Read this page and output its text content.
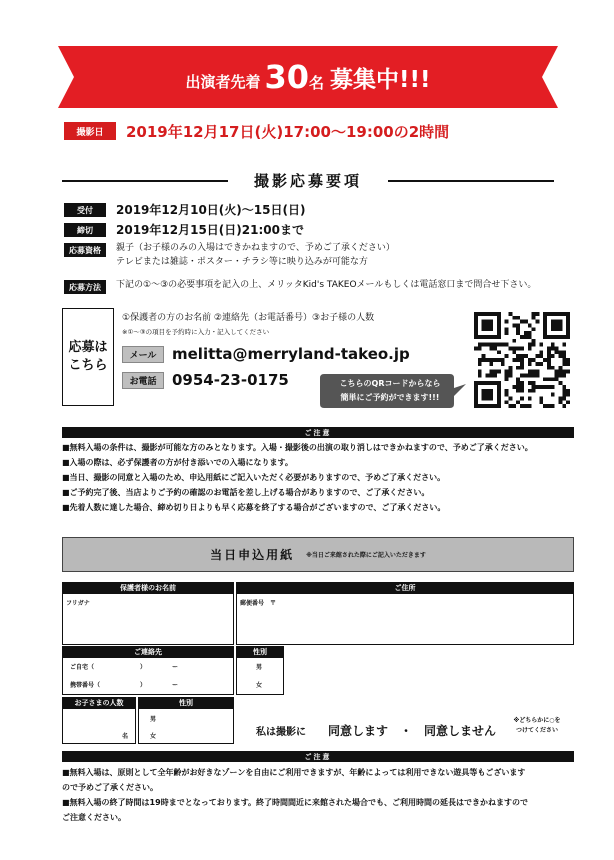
出演者先着 30 名 募集中!!!
撮影日	2019年12月17日(火)17:00〜19:00の2時間
撮影応募要項
受付	2019年12月10日(火)〜15日(日)
締切	2019年12月15日(日)21:00まで
応募資格	親子（お子様のみの入場はできかねますので、予めご了承ください）
テレビまたは雑誌・ポスター・チラシ等に映り込みが可能な方
応募方法	下記の①〜③の必要事項を記入の上、メリッタKid's TAKEOメールもしくは電話窓口まで問合せ下さい。
応募は
こちら
①保護者の方のお名前 ②連絡先（お電話番号）③お子様の人数
※①〜③の項目を予約時に入力・記入してください
メール	melitta@merryland-takeo.jp
お電話	0954-23-0175	こちらのQRコードからなら
簡単にご予約ができます!!!
ご注意
■無料入場の条件は、撮影が可能な方のみとなります。入場・撮影後の出演の取り消しはできかねますので、予めご了承ください。
■入場の際は、必ず保護者の方が付き添いでの入場になります。
■当日、撮影の同意と入場のため、申込用紙にご記入いただく必要がありますので、予めご了承ください。
■ご予約完了後、当店よりご予約の確認のお電話を差し上げる場合がありますので、ご了承ください。
■先着人数に達した場合、締め切り日よりも早く応募を終了する場合がございますので、ご了承ください。
当日申込用紙 ※当日ご来館された際にご記入いただきます
保護者様のお名前
フリガナ
ご住所
郵便番号　〒
ご連絡先
ご自宅（	）	ー
携帯番号（	）	ー
性別
男
女
お子さまの人数
名
性別
男
女	私は撮影に 同意します ・ 同意しません
※どちらかに○を
つけてください
ご注意
■無料入場は、原則として全年齢がお好きなゾーンを自由にご利用できますが、年齢によっては利用できない遊具等もございます
ので予めご了承ください。
■無料入場の終了時間は19時までとなっております。終了時間間近に来館された場合でも、ご利用時間の延長はできかねますので
ご注意ください。
